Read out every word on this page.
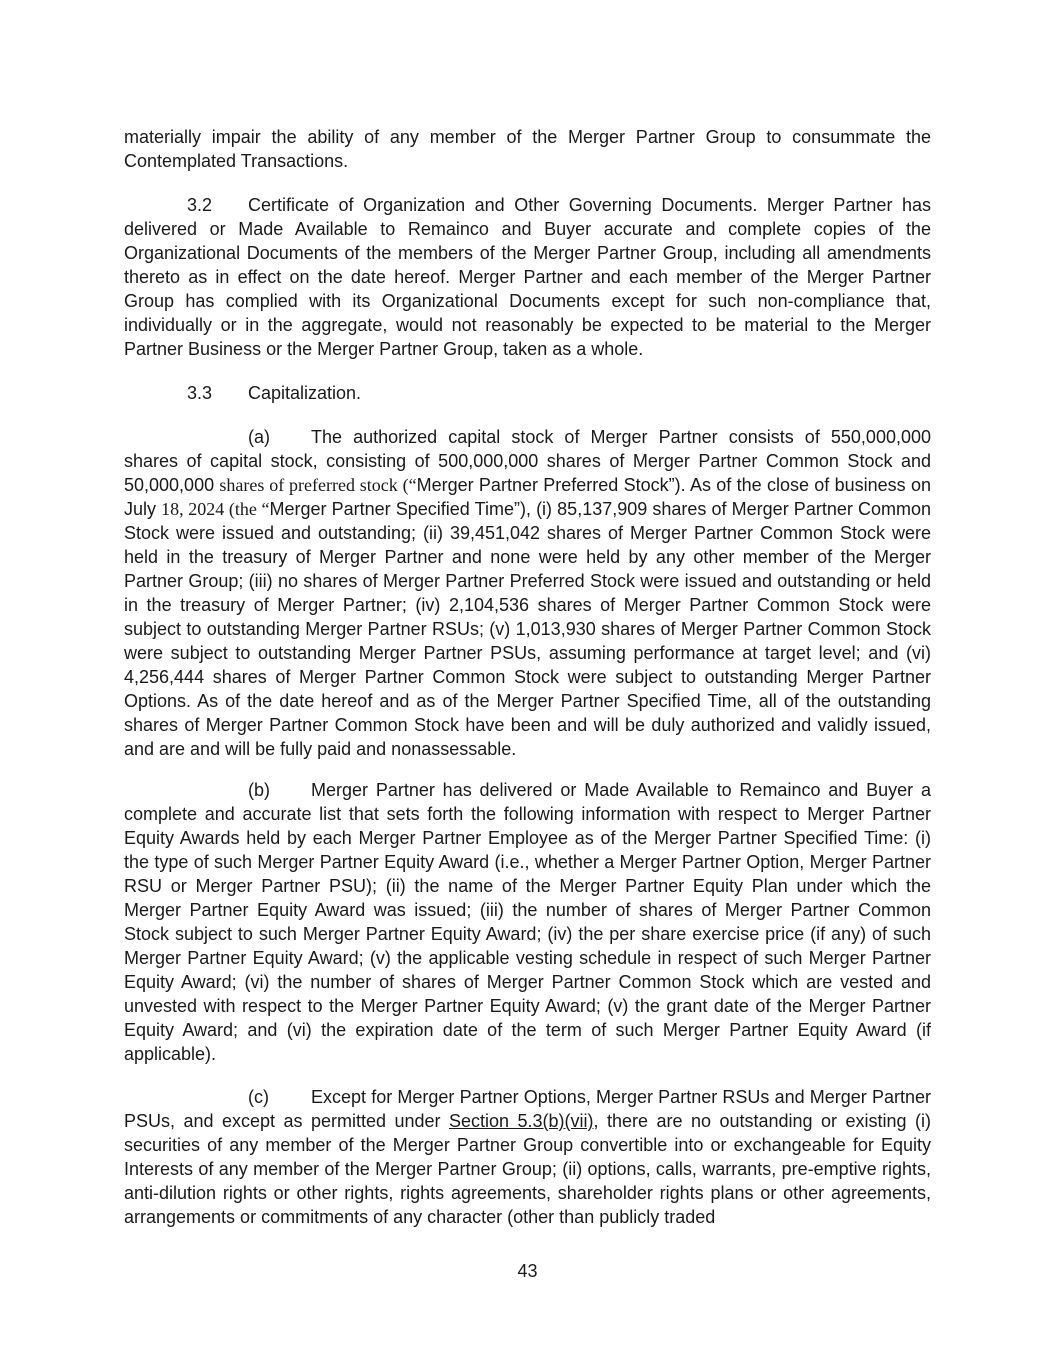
materially impair the ability of any member of the Merger Partner Group to consummate the Contemplated Transactions.

3.2 Certificate of Organization and Other Governing Documents. Merger Partner has delivered or Made Available to Remainco and Buyer accurate and complete copies of the Organizational Documents of the members of the Merger Partner Group, including all amendments thereto as in effect on the date hereof. Merger Partner and each member of the Merger Partner Group has complied with its Organizational Documents except for such non-compliance that, individually or in the aggregate, would not reasonably be expected to be material to the Merger Partner Business or the Merger Partner Group, taken as a whole.

3.3 Capitalization.

(a) The authorized capital stock of Merger Partner consists of 550,000,000 shares of capital stock, consisting of 500,000,000 shares of Merger Partner Common Stock and 50,000,000 shares of preferred stock (“Merger Partner Preferred Stock”). As of the close of business on July 18, 2024 (the “Merger Partner Specified Time”), (i) 85,137,909 shares of Merger Partner Common Stock were issued and outstanding; (ii) 39,451,042 shares of Merger Partner Common Stock were held in the treasury of Merger Partner and none were held by any other member of the Merger Partner Group; (iii) no shares of Merger Partner Preferred Stock were issued and outstanding or held in the treasury of Merger Partner; (iv) 2,104,536 shares of Merger Partner Common Stock were subject to outstanding Merger Partner RSUs; (v) 1,013,930 shares of Merger Partner Common Stock were subject to outstanding Merger Partner PSUs, assuming performance at target level; and (vi) 4,256,444 shares of Merger Partner Common Stock were subject to outstanding Merger Partner Options. As of the date hereof and as of the Merger Partner Specified Time, all of the outstanding shares of Merger Partner Common Stock have been and will be duly authorized and validly issued, and are and will be fully paid and nonassessable.

(b) Merger Partner has delivered or Made Available to Remainco and Buyer a complete and accurate list that sets forth the following information with respect to Merger Partner Equity Awards held by each Merger Partner Employee as of the Merger Partner Specified Time: (i) the type of such Merger Partner Equity Award (i.e., whether a Merger Partner Option, Merger Partner RSU or Merger Partner PSU); (ii) the name of the Merger Partner Equity Plan under which the Merger Partner Equity Award was issued; (iii) the number of shares of Merger Partner Common Stock subject to such Merger Partner Equity Award; (iv) the per share exercise price (if any) of such Merger Partner Equity Award; (v) the applicable vesting schedule in respect of such Merger Partner Equity Award; (vi) the number of shares of Merger Partner Common Stock which are vested and unvested with respect to the Merger Partner Equity Award; (v) the grant date of the Merger Partner Equity Award; and (vi) the expiration date of the term of such Merger Partner Equity Award (if applicable).

(c) Except for Merger Partner Options, Merger Partner RSUs and Merger Partner PSUs, and except as permitted under Section 5.3(b)(vii), there are no outstanding or existing (i) securities of any member of the Merger Partner Group convertible into or exchangeable for Equity Interests of any member of the Merger Partner Group; (ii) options, calls, warrants, pre-emptive rights, anti-dilution rights or other rights, rights agreements, shareholder rights plans or other agreements, arrangements or commitments of any character (other than publicly traded

43
